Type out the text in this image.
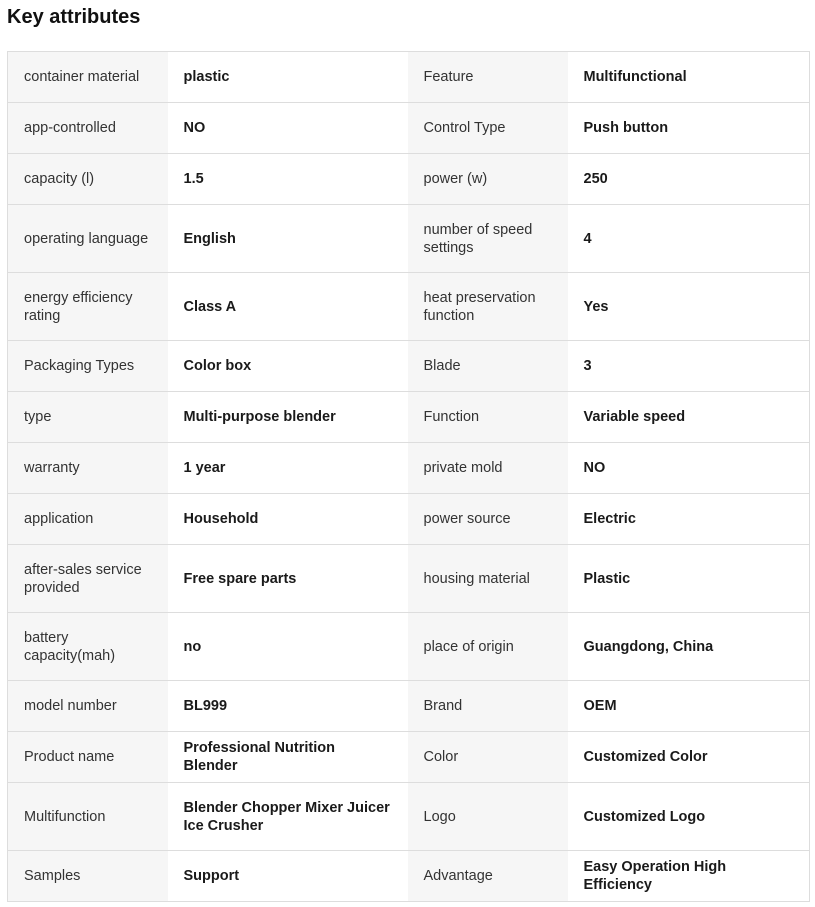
Key attributes
container material	plastic	Feature	Multifunctional
app-controlled	NO	Control Type	Push button
capacity (l)	1.5	power (w)	250
operating language	English	number of speed settings	4
energy efficiency rating	Class A	heat preservation function	Yes
Packaging Types	Color box	Blade	3
type	Multi-purpose blender	Function	Variable speed
warranty	1 year	private mold	NO
application	Household	power source	Electric
after-sales service provided	Free spare parts	housing material	Plastic
battery capacity(mah)	no	place of origin	Guangdong, China
model number	BL999	Brand	OEM
Product name	Professional Nutrition Blender	Color	Customized Color
Multifunction	Blender Chopper Mixer Juicer Ice Crusher	Logo	Customized Logo
Samples	Support	Advantage	Easy Operation High Efficiency
